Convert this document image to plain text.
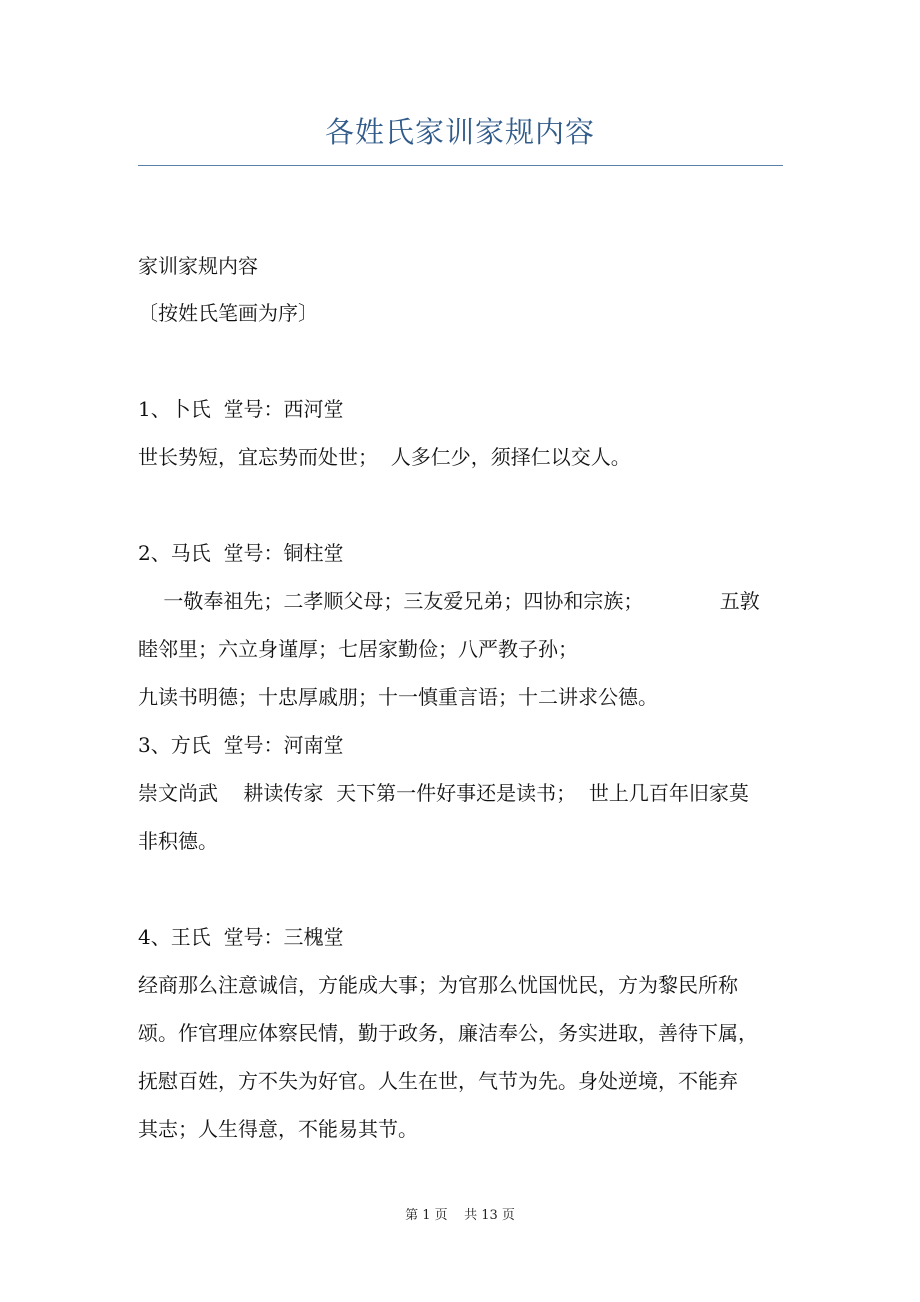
各姓氏家训家规内容
家训家规内容
〔按姓氏笔画为序〕
1、卜氏  堂号：西河堂
世长势短，宜忘势而处世；  人多仁少，须择仁以交人。
2、马氏  堂号：铜柱堂
一敬奉祖先；二孝顺父母；三友爱兄弟；四协和宗族；            五敦
睦邻里；六立身谨厚；七居家勤俭；八严教子孙；
九读书明德；十忠厚戚朋；十一慎重言语；十二讲求公德。
3、方氏  堂号：河南堂
崇文尚武    耕读传家  天下第一件好事还是读书；  世上几百年旧家莫
非积德。
4、王氏  堂号：三槐堂
经商那么注意诚信，方能成大事；为官那么忧国忧民，方为黎民所称
颂。作官理应体察民情，勤于政务，廉洁奉公，务实进取，善待下属，
抚慰百姓，方不失为好官。人生在世，气节为先。身处逆境，不能弃
其志；人生得意，不能易其节。
第 1 页    共 13 页
